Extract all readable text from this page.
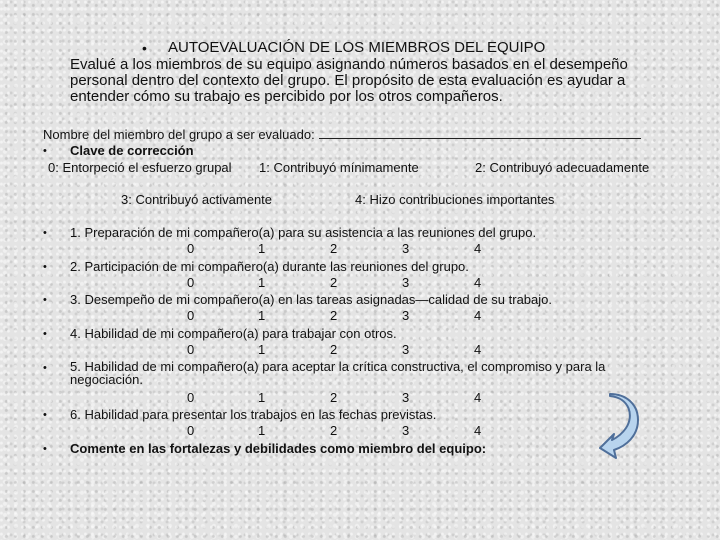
• AUTOEVALUACIÓN DE LOS MIEMBROS DEL EQUIPO
Evalué a los miembros de su equipo asignando números basados en el desempeño personal dentro del contexto del grupo. El propósito de esta evaluación es ayudar a entender cómo su trabajo es percibido por los otros compañeros.
Nombre del miembro del grupo a ser evaluado:
• Clave de corrección
0: Entorpeció el esfuerzo grupal 1: Contribuyó mínimamente	2: Contribuyó adecuadamente
3: Contribuyó activamente	4: Hizo contribuciones importantes
• 1. Preparación de mi compañero(a) para su asistencia a las reuniones del grupo.
0	1	2	3	4
• 2. Participación de mi compañero(a) durante las reuniones del grupo.
0	1	2	3	4
• 3. Desempeño de mi compañero(a) en las tareas asignadas—calidad de su trabajo.
0	1	2	3	4
• 4. Habilidad de mi compañero(a) para trabajar con otros.
0	1	2	3	4
• 5. Habilidad de mi compañero(a) para aceptar la crítica constructiva, el compromiso y para la negociación.
0	1	2	3	4
• 6. Habilidad para presentar los trabajos en las fechas previstas.
0	1	2	3	4
• Comente en las fortalezas y debilidades como miembro del equipo:
